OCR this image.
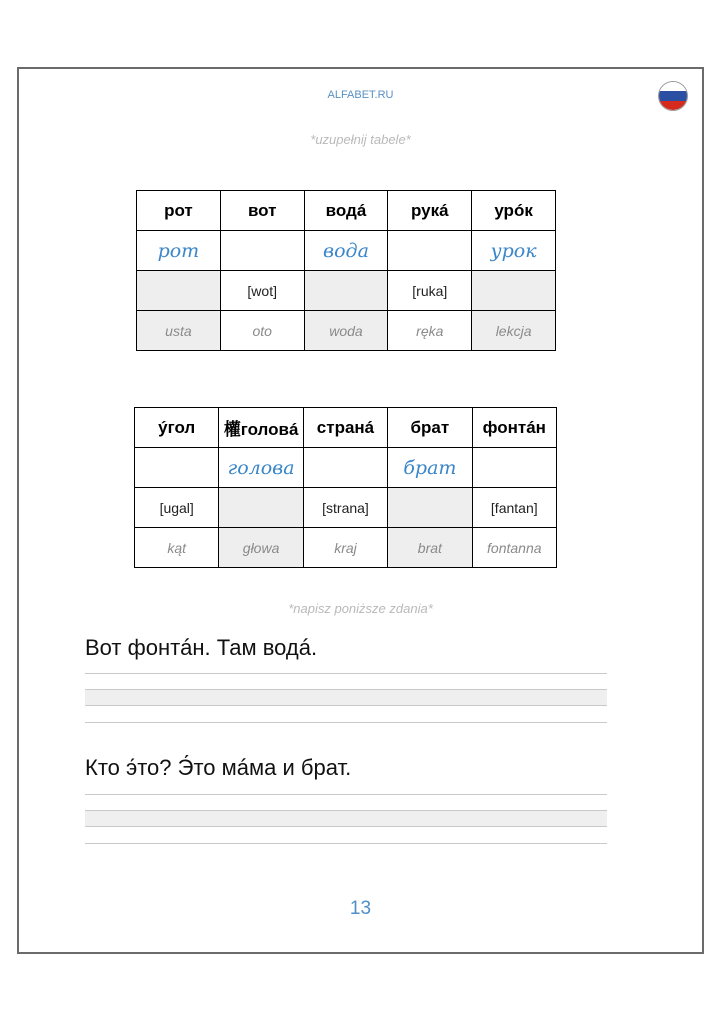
ALFABET.RU
*uzupełnij tabele*
рот	вот	водá	рукá	урóк
рот		вода		урок
	[wot]		[ruka]	
usta	oto	woda	ręka	lekcja
ýгол	權головá	странá	брат	фонтáн
	голова		брат	
[ugal]		[strana]		[fantan]
kąt	głowa	kraj	brat	fontanna
*napisz poniższe zdania*
Вот фонтáн. Там водá.
Кто э́то? Э́то мáма и брат.
13
